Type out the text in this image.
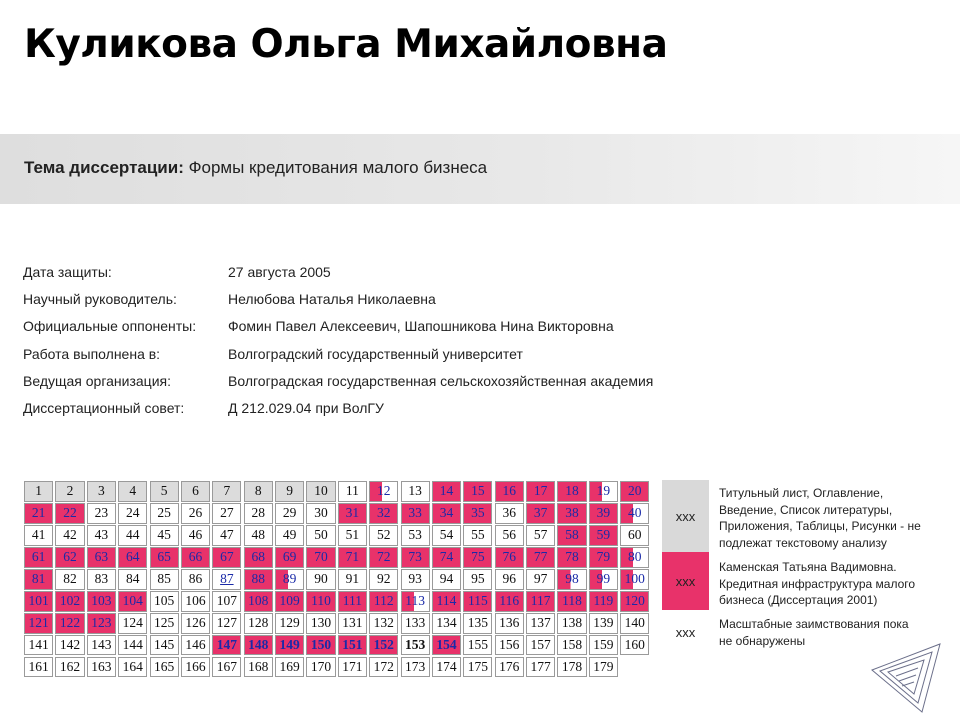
Куликова Ольга Михайловна
Тема диссертации: Формы кредитования малого бизнеса
Дата защиты:	27 августа 2005
Научный руководитель:	Нелюбова Наталья Николаевна
Официальные оппоненты:	Фомин Павел Алексеевич, Шапошникова Нина Викторовна
Работа выполнена в:	Волгоградский государственный университет
Ведущая организация:	Волгоградская государственная сельскохозяйственная академия
Диссертационный совет:	Д 212.029.04 при ВолГУ
1	2	3	4	5	6	7	8	9	10	11	12	13	14	15	16	17	18	19	20
21	22	23	24	25	26	27	28	29	30	31	32	33	34	35	36	37	38	39	40
41	42	43	44	45	46	47	48	49	50	51	52	53	54	55	56	57	58	59	60
61	62	63	64	65	66	67	68	69	70	71	72	73	74	75	76	77	78	79	80
81	82	83	84	85	86	87	88	89	90	91	92	93	94	95	96	97	98	99	100
101 102 103 104 105 106 107 108 109 110 111 112 113 114 115 116 117 118 119 120
121 122 123 124 125 126 127 128 129 130 131 132 133 134 135 136 137 138 139 140
141 142 143 144 145 146 147 148 149 150 151 152 153 154 155 156 157 158 159 160
161 162 163 164 165 166 167 168 169 170 171 172 173 174 175 176 177 178 179
xxx
Титульный лист, Оглавление, Введение, Список литературы, Приложения, Таблицы, Рисунки - не подлежат текстовому анализу
xxx
Каменская Татьяна Вадимовна. Кредитная инфраструктура малого бизнеса (Диссертация 2001)
xxx
Масштабные заимствования пока не обнаружены
